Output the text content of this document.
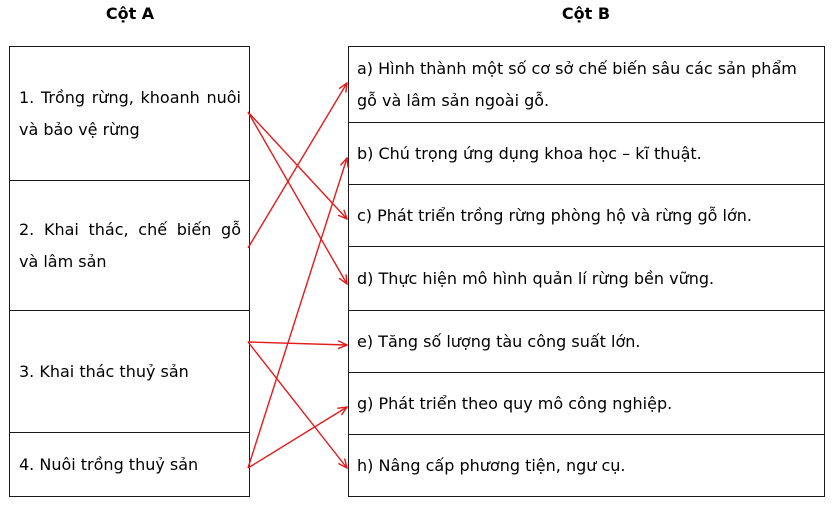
Cột A	Cột B
1. Trồng rừng, khoanh nuôi và bảo vệ rừng
2. Khai thác, chế biến gỗ và lâm sản
3. Khai thác thuỷ sản
4. Nuôi trồng thuỷ sản
a) Hình thành một số cơ sở chế biến sâu các sản phẩm gỗ và lâm sản ngoài gỗ.
b) Chú trọng ứng dụng khoa học – kĩ thuật.
c) Phát triển trồng rừng phòng hộ và rừng gỗ lớn.
d) Thực hiện mô hình quản lí rừng bền vững.
e) Tăng số lượng tàu công suất lớn.
g) Phát triển theo quy mô công nghiệp.
h) Nâng cấp phương tiện, ngư cụ.
